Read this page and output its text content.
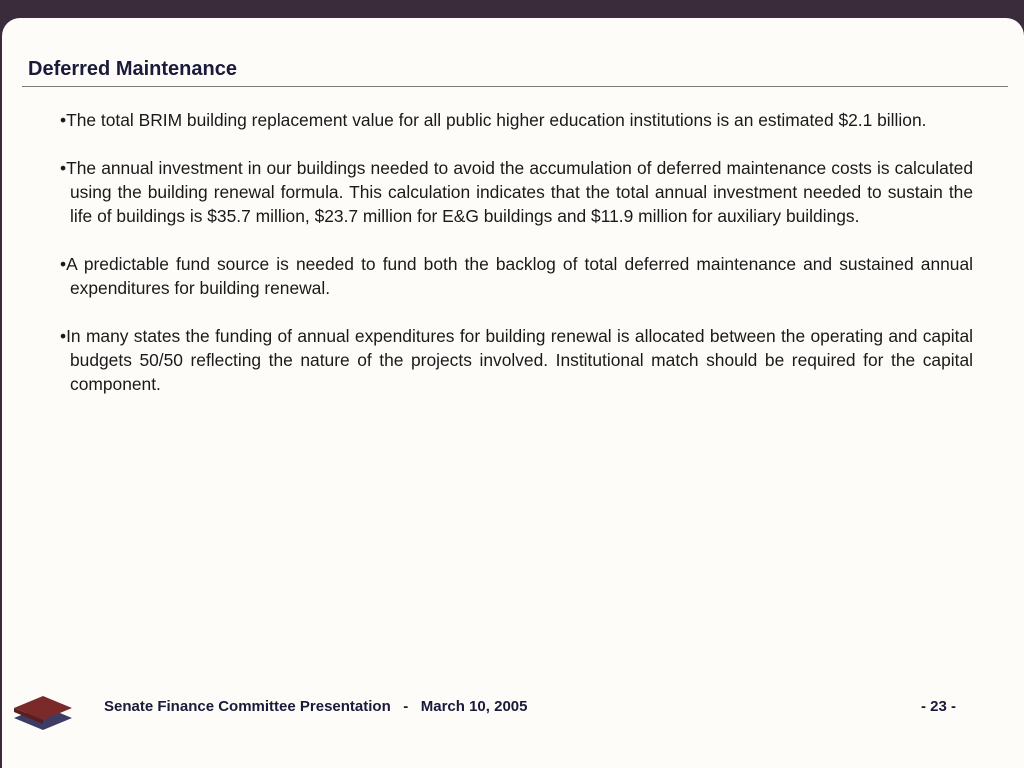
Deferred Maintenance

•The total BRIM building replacement value for all public higher education institutions is an estimated $2.1 billion.

•The annual investment in our buildings needed to avoid the accumulation of deferred maintenance costs is calculated using the building renewal formula. This calculation indicates that the total annual investment needed to sustain the life of buildings is $35.7 million, $23.7 million for E&G buildings and $11.9 million for auxiliary buildings.

•A predictable fund source is needed to fund both the backlog of total deferred maintenance and sustained annual expenditures for building renewal.

•In many states the funding of annual expenditures for building renewal is allocated between the operating and capital budgets 50/50 reflecting the nature of the projects involved. Institutional match should be required for the capital component.

Senate Finance Committee Presentation   -   March 10, 2005	- 23 -
